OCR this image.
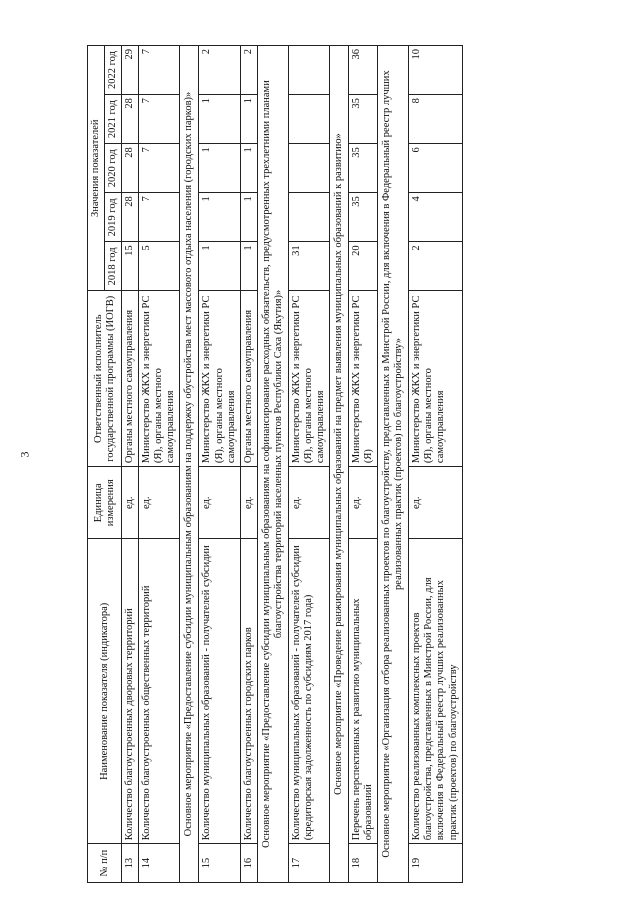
3
№ п/п	Наименование показателя (индикатора)	Единица измерения	Ответственный исполнитель государственной программы (ИОГВ)	Значения показателей				
				2018 год	2019 год	2020 год	2021 год	2022 год
13	Количество благоустроенных дворовых территорий	ед.	Органы местного самоуправления	15	28	28	28	29
14	Количество благоустроенных общественных территорий	ед.	Министерство ЖКХ и энергетики РС (Я), органы местного самоуправления	5	7	7	7	7
Основное мероприятие «Предоставление субсидии муниципальным образованиям на поддержку обустройства мест массового отдыха населения (городских парков)»								
15	Количество муниципальных образований - получателей субсидии	ед.	Министерство ЖКХ и энергетики РС (Я), органы местного самоуправления	1	1	1	1	2
16	Количество благоустроенных городских парков	ед.	Органы местного самоуправления	1	1	1	1	2
Основное мероприятие «Предоставление субсидии муниципальным образованиям на софинансирование расходных обязательств, предусмотренных трехлетними планами благоустройства территорий населенных пунктов Республики Саха (Якутия)»								
17	Количество муниципальных образований - получателей субсидии (кредиторская задолженность по субсидиям 2017 года)	ед.	Министерство ЖКХ и энергетики РС (Я), органы местного самоуправления	31				
Основное мероприятие «Проведение ранжирования муниципальных образований на предмет выявления муниципальных образований к развитию»								
18	Перечень перспективных к развитию муниципальных образований	ед.	Министерство ЖКХ и энергетики РС (Я)	20	35	35	35	36
Основное мероприятие «Организация отбора реализованных проектов по благоустройству, представленных в Минстрой России, для включения в Федеральный реестр лучших реализованных практик (проектов) по благоустройству»								
19	Количество реализованных комплексных проектов благоустройства, представленных в Минстрой России, для включения в Федеральный реестр лучших реализованных практик (проектов) по благоустройству	ед.	Министерство ЖКХ и энергетики РС (Я), органы местного самоуправления	2	4	6	8	10
